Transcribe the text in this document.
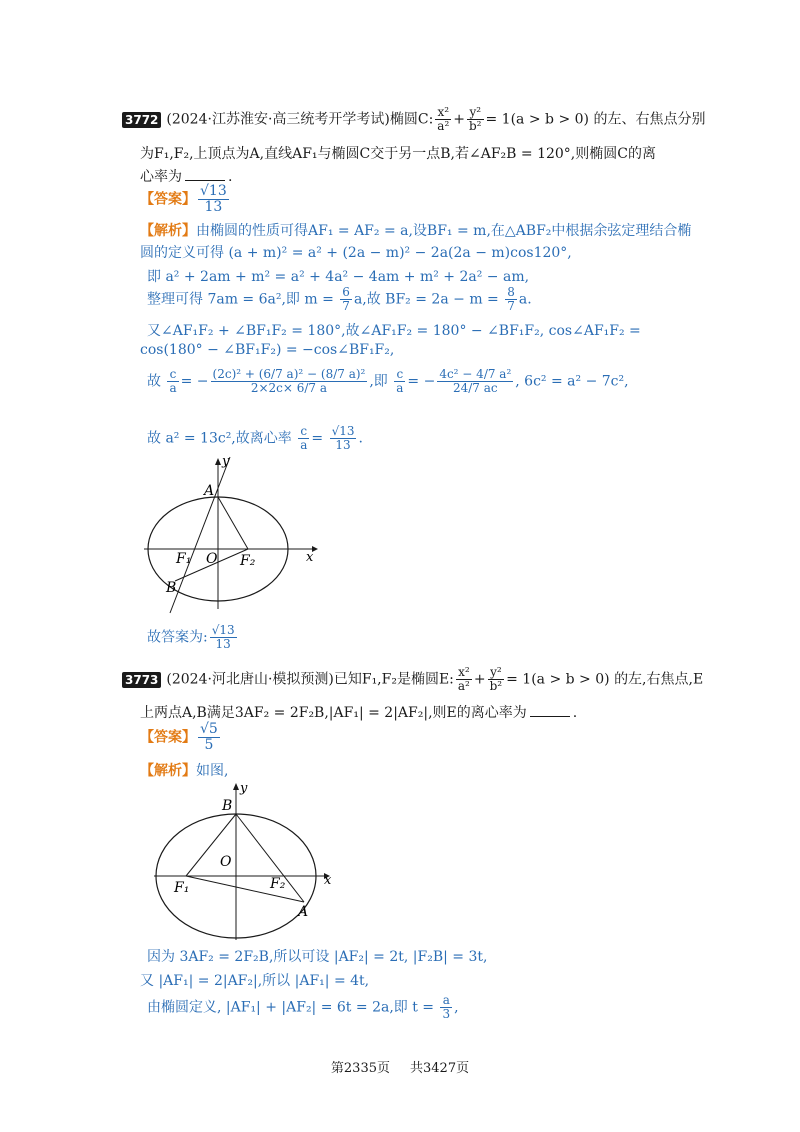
3772 (2024·江苏淮安·高三统考开学考试)椭圆C: $\frac{\text{x²}}{\text{a²}} + \frac{\text{y²}}{\text{b²}} = 1(a > b > 0)$ 的左、右焦点分别
为F₁,F₂,上顶点为A,直线AF₁与椭圆C交于另一点B,若∠AF₂B = 120°,则椭圆C的离
心率为	.
【答案】 $\frac{√13}{13}$
【解析】由椭圆的性质可得AF₁ = AF₂ = a,设BF₁ = m,在△ABF₂中根据余弦定理结合椭
圆的定义可得 (a + m)² = a² + (2a − m)² − 2a(2a − m)cos120°,
即 a² + 2am + m² = a² + 4a² − 4am + m² + 2a² − am,
整理可得 7am = 6a²,即 $m = \frac{6}{7} a$,故 $BF_2 = 2a - m = \frac{8}{7} a$.
又∠AF₁F₂ + ∠BF₁F₂ = 180°,故∠AF₁F₂ = 180° − ∠BF₁F₂, cos∠AF₁F₂ =
cos(180° − ∠BF₁F₂) = −cos∠BF₁F₂,
故 $\frac{c}{a}$ = − $\frac{\text{(2c)² + (6/7 a)² − (8/7 a)²}}{2\times 2c\times 6/7 a}$ ,即 $\frac{c}{a}$ = − $\frac{\text{4c² − 4/7 a²}}{24/7 ac}$ , 6c² = a² − 7c²,
故 a² = 13c²,故离心率 $\frac{c}{a} = \frac{√13}{13}$ .
y
x
A
B
O
F₁	F₂
故答案为: $\frac{√13}{13}$
3773 (2024·河北唐山·模拟预测)已知F₁,F₂是椭圆E: $\frac{\text{x²}}{\text{a²}} + \frac{\text{y²}}{\text{b²}} = 1(a > b > 0)$ 的左,右焦点,E
上两点A,B满足3AF₂ = 2F₂B,|AF₁| = 2|AF₂|,则E的离心率为	.
【答案】 $\frac{√5}{5}$
【解析】如图,
y
x
B
A
O
F₁	F₂
因为 3AF₂ = 2F₂B,所以可设 |AF₂| = 2t, |F₂B| = 3t,
又 |AF₁| = 2|AF₂|,所以 |AF₁| = 4t,
由椭圆定义, |AF₁| + |AF₂| = 6t = 2a,即 $t = \frac{a}{3}$ ,
第2335页 共3427页
